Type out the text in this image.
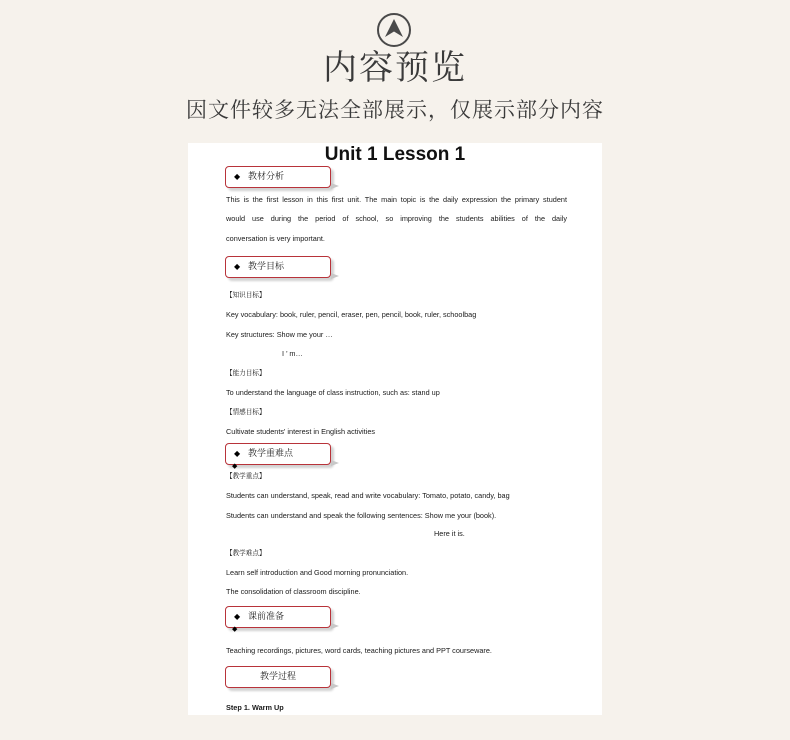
内容预览
因文件较多无法全部展示，仅展示部分内容
Unit 1 Lesson 1
◆ 教材分析
This is the first lesson in this first unit. The main topic is the daily expression the primary student
would use during the period of school, so improving the students abilities of the daily
conversation is very important.
◆ 教学目标
【知识目标】
Key vocabulary: book, ruler, pencil, eraser, pen, pencil, book, ruler, schoolbag
Key structures: Show me your …
I ’ m…
【能力目标】
To understand the language of class instruction, such as: stand up
【情感目标】
Cultivate students' interest in English activities
◆ 教学重难点
◆
【教学重点】
Students can understand, speak, read and write vocabulary: Tomato, potato, candy, bag
Students can understand and speak the following sentences: Show me your (book).
Here it is.
【教学难点】
Learn self introduction and Good morning pronunciation.
The consolidation of classroom discipline.
◆ 课前准备
◆
Teaching recordings, pictures, word cards, teaching pictures and PPT courseware.
教学过程
Step 1. Warm Up
